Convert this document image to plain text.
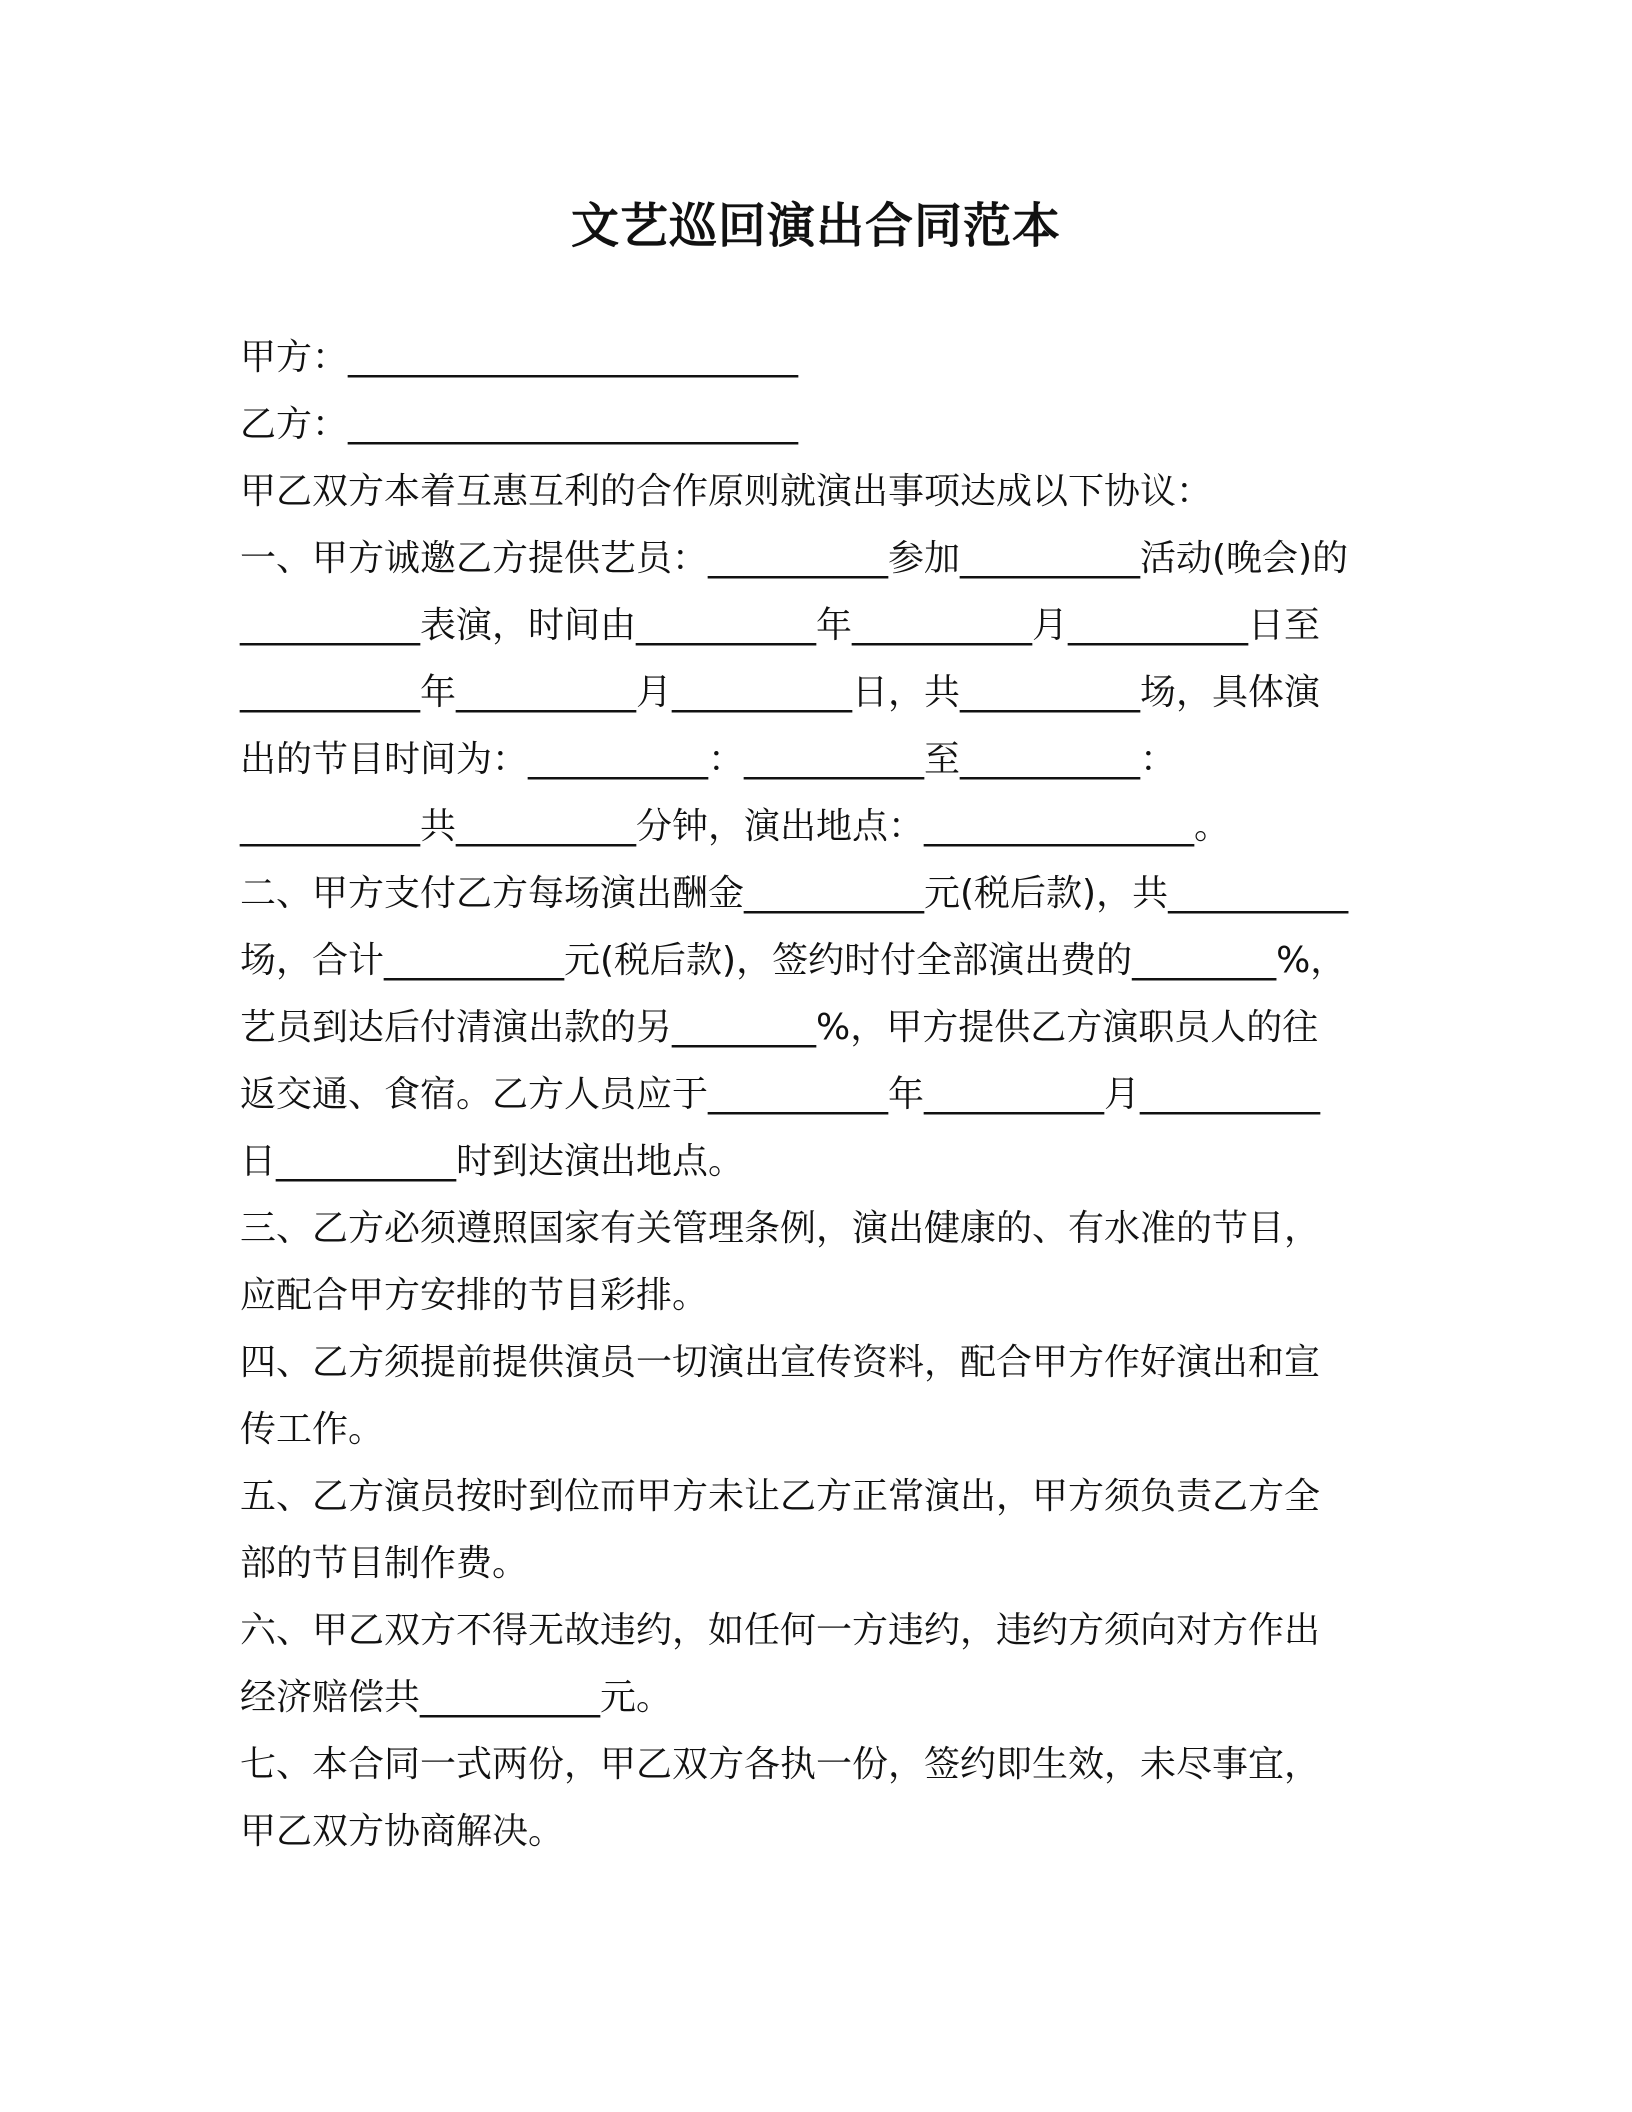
文艺巡回演出合同范本

甲方：_________________________

乙方：_________________________

甲乙双方本着互惠互利的合作原则就演出事项达成以下协议：

一、甲方诚邀乙方提供艺员：__________参加__________活动(晚会)的

__________表演，时间由__________年__________月__________日至

__________年__________月__________日，共__________场，具体演

出的节目时间为：__________：__________至__________：

__________共__________分钟，演出地点：_______________。

二、甲方支付乙方每场演出酬金__________元(税后款)，共__________

场，合计__________元(税后款)，签约时付全部演出费的________%，

艺员到达后付清演出款的另________%，甲方提供乙方演职员人的往

返交通、食宿。乙方人员应于__________年__________月__________

日__________时到达演出地点。

三、乙方必须遵照国家有关管理条例，演出健康的、有水准的节目，

应配合甲方安排的节目彩排。

四、乙方须提前提供演员一切演出宣传资料，配合甲方作好演出和宣

传工作。

五、乙方演员按时到位而甲方未让乙方正常演出，甲方须负责乙方全

部的节目制作费。

六、甲乙双方不得无故违约，如任何一方违约，违约方须向对方作出

经济赔偿共__________元。

七、本合同一式两份，甲乙双方各执一份，签约即生效，未尽事宜，

甲乙双方协商解决。
